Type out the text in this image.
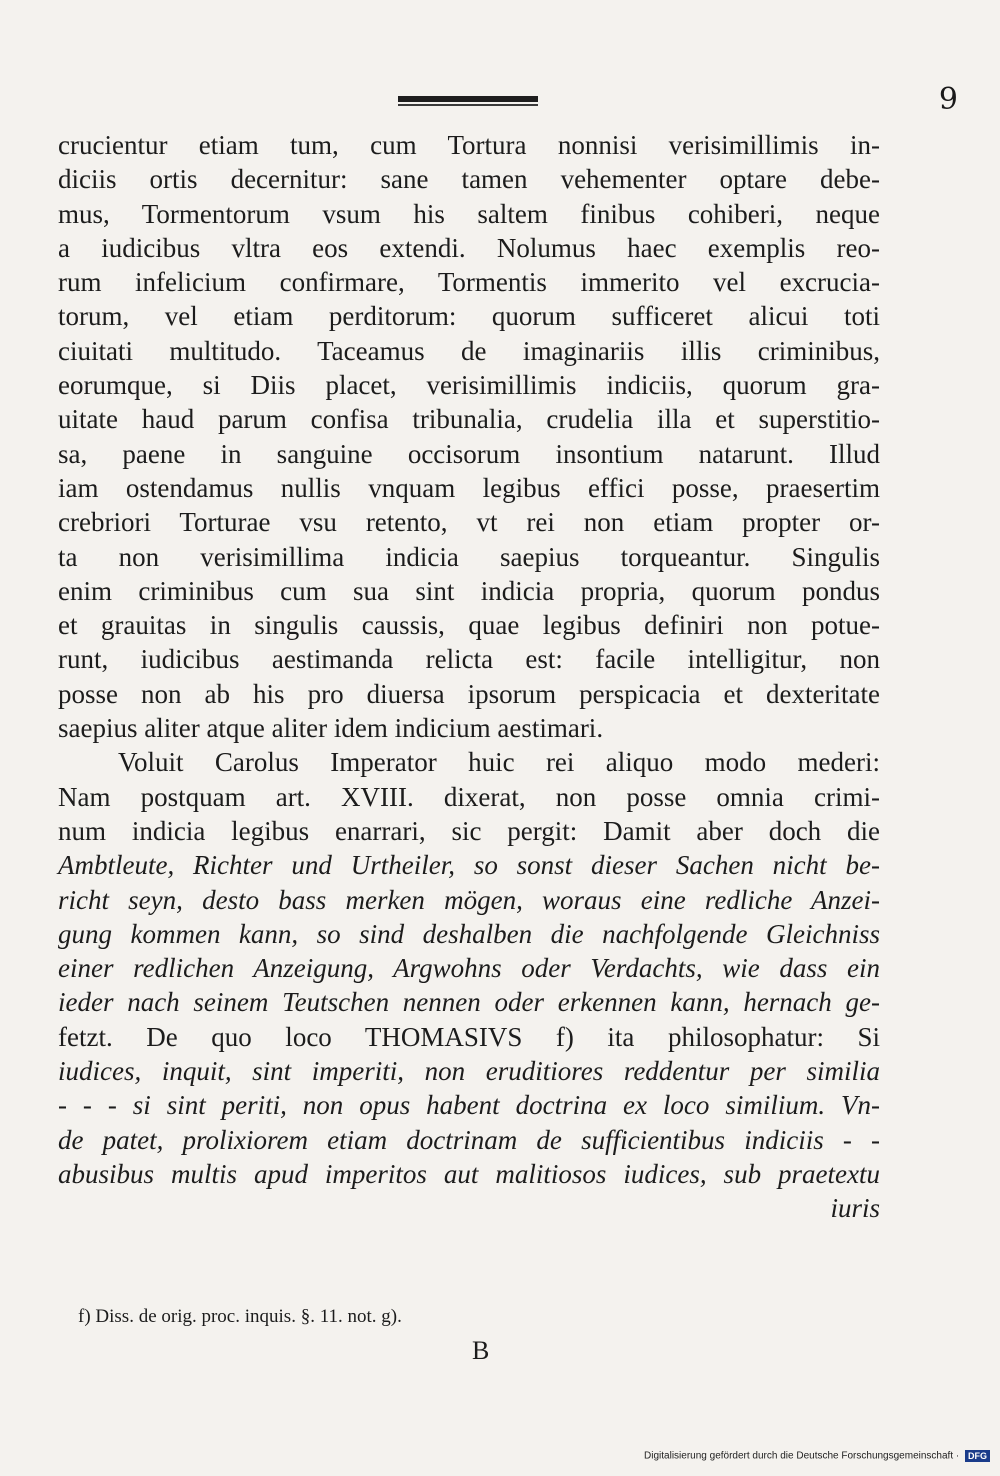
9
crucientur etiam tum, cum Tortura nonnisi verisimillimis in-
diciis ortis decernitur: sane tamen vehementer optare debe-
mus, Tormentorum vsum his saltem finibus cohiberi, neque
a iudicibus vltra eos extendi. Nolumus haec exemplis reo-
rum infelicium confirmare, Tormentis immerito vel excrucia-
torum, vel etiam perditorum: quorum sufficeret alicui toti
ciuitati multitudo. Taceamus de imaginariis illis criminibus,
eorumque, si Diis placet, verisimillimis indiciis, quorum gra-
uitate haud parum confisa tribunalia, crudelia illa et superstitio-
sa, paene in sanguine occisorum insontium natarunt. Illud
iam ostendamus nullis vnquam legibus effici posse, praesertim
crebriori Torturae vsu retento, vt rei non etiam propter or-
ta non verisimillima indicia saepius torqueantur. Singulis
enim criminibus cum sua sint indicia propria, quorum pondus
et grauitas in singulis caussis, quae legibus definiri non potue-
runt, iudicibus aestimanda relicta est: facile intelligitur, non
posse non ab his pro diuersa ipsorum perspicacia et dexteritate
saepius aliter atque aliter idem indicium aestimari.
Voluit Carolus Imperator huic rei aliquo modo mederi:
Nam postquam art. XVIII. dixerat, non posse omnia crimi-
num indicia legibus enarrari, sic pergit: Damit aber doch die
Ambtleute, Richter und Urtheiler, so sonst dieser Sachen nicht be-
richt seyn, desto bass merken mögen, woraus eine redliche Anzei-
gung kommen kann, so sind deshalben die nachfolgende Gleichniss
einer redlichen Anzeigung, Argwohns oder Verdachts, wie dass ein
ieder nach seinem Teutschen nennen oder erkennen kann, hernach ge-
fetzt. De quo loco THOMASIVS f) ita philosophatur: Si
iudices, inquit, sint imperiti, non eruditiores reddentur per similia
- - - si sint periti, non opus habent doctrina ex loco similium. Vn-
de patet, prolixiorem etiam doctrinam de sufficientibus indiciis - -
abusibus multis apud imperitos aut malitiosos iudices, sub praetextu
iuris
f) Diss. de orig. proc. inquis. §. 11. not. g).
B
Digitalisierung gefördert durch die Deutsche Forschungsgemeinschaft · DFG
